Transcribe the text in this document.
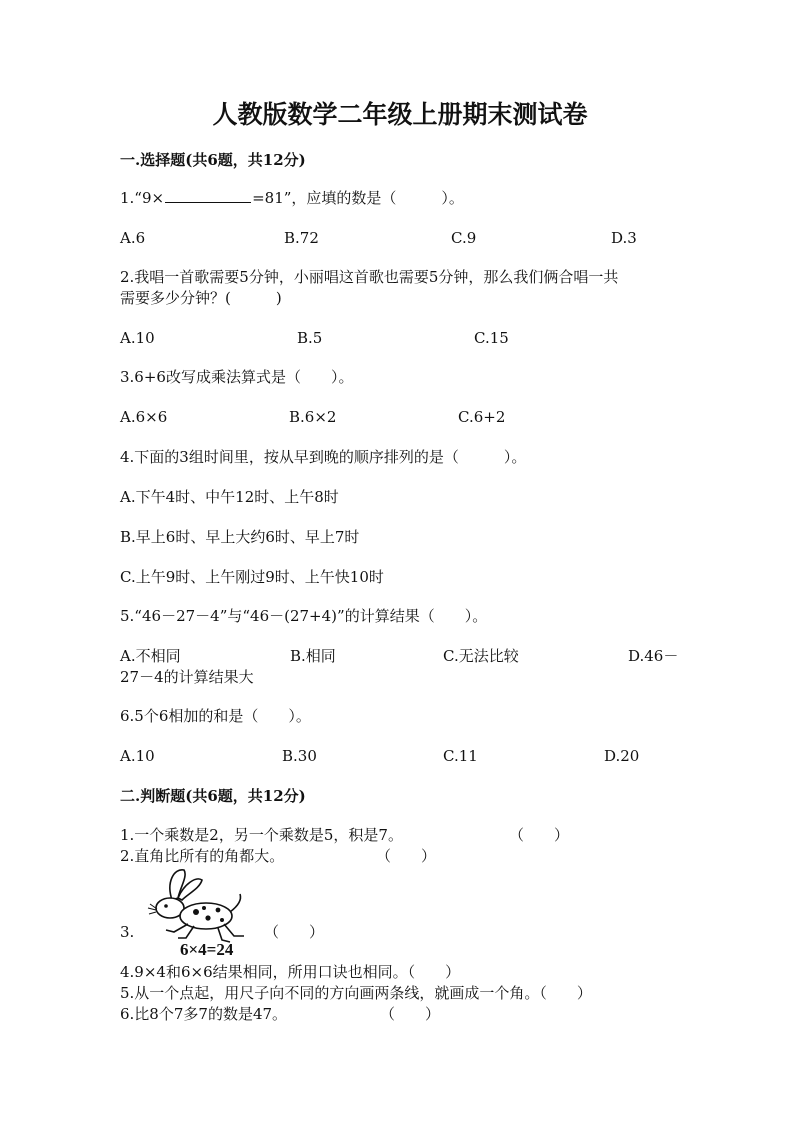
人教版数学二年级上册期末测试卷
一.选择题(共6题，共12分)
1.“9×	=81”，应填的数是（　　　）。
A.6	B.72	C.9	D.3
2.我唱一首歌需要5分钟，小丽唱这首歌也需要5分钟，那么我们俩合唱一共
需要多少分钟？(　　　)
A.10	B.5	C.15
3.6+6改写成乘法算式是（　　）。
A.6×6	B.6×2	C.6+2
4.下面的3组时间里，按从早到晚的顺序排列的是（　　　）。
A.下午4时、中午12时、上午8时
B.早上6时、早上大约6时、早上7时
C.上午9时、上午刚过9时、上午快10时
5.“46－27－4”与“46－(27+4)”的计算结果（　　）。
A.不相同	B.相同	C.无法比较	D.46－
27－4的计算结果大
6.5个6相加的和是（　　）。
A.10	B.30	C.11	D.20
二.判断题(共6题，共12分)
1.一个乘数是2，另一个乘数是5，积是7。	（　　）
2.直角比所有的角都大。	（　　）
6×4=24
3.	（　　）
4.9×4和6×6结果相同，所用口诀也相同。（　　）
5.从一个点起，用尺子向不同的方向画两条线，就画成一个角。（　　）
6.比8个7多7的数是47。	（　　）
